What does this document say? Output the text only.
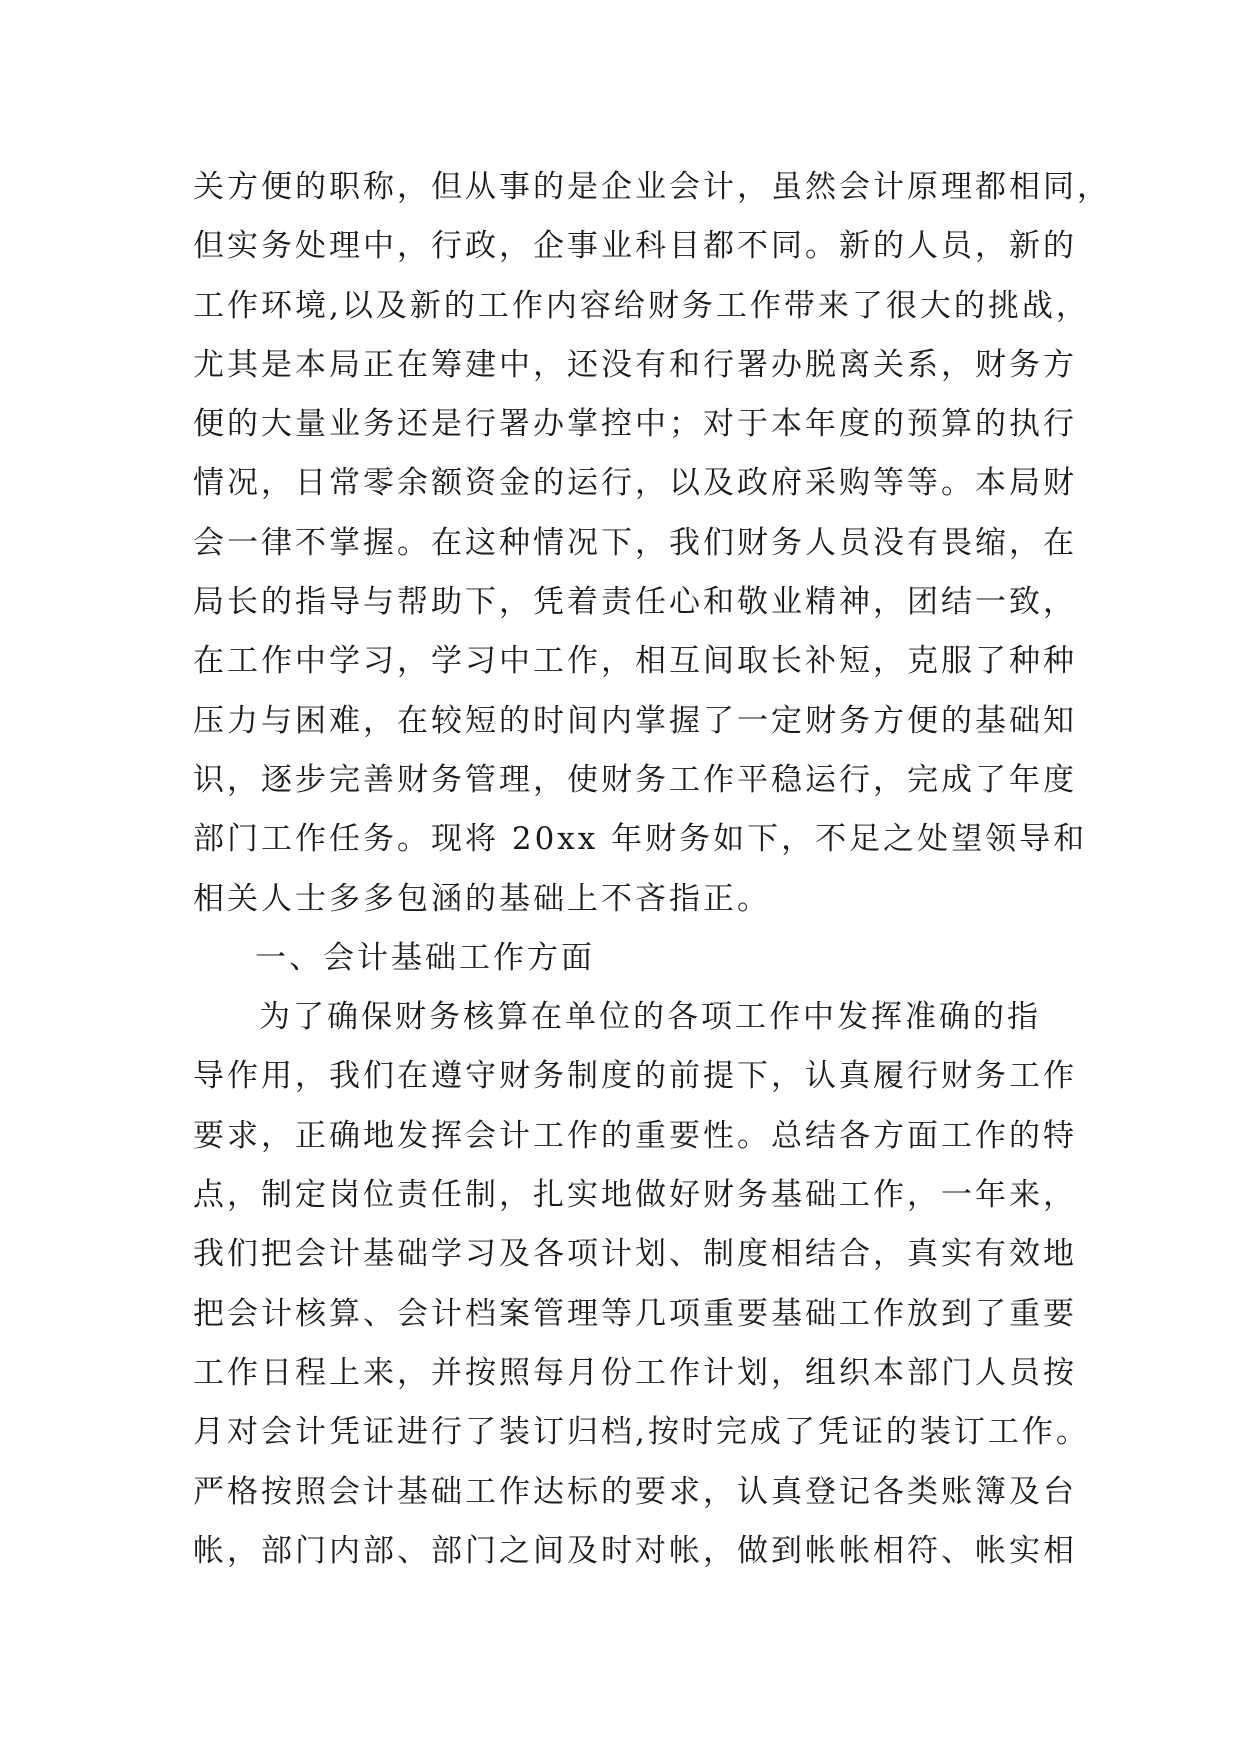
关方便的职称，但从事的是企业会计，虽然会计原理都相同，
但实务处理中，行政，企事业科目都不同。新的人员，新的
工作环境,以及新的工作内容给财务工作带来了很大的挑战，
尤其是本局正在筹建中，还没有和行署办脱离关系，财务方
便的大量业务还是行署办掌控中；对于本年度的预算的执行
情况，日常零余额资金的运行，以及政府采购等等。本局财
会一律不掌握。在这种情况下，我们财务人员没有畏缩，在
局长的指导与帮助下，凭着责任心和敬业精神，团结一致，
在工作中学习，学习中工作，相互间取长补短，克服了种种
压力与困难，在较短的时间内掌握了一定财务方便的基础知
识，逐步完善财务管理，使财务工作平稳运行，完成了年度
部门工作任务。现将 20xx 年财务如下，不足之处望领导和
相关人士多多包涵的基础上不吝指正。
一、会计基础工作方面
为了确保财务核算在单位的各项工作中发挥准确的指
导作用，我们在遵守财务制度的前提下，认真履行财务工作
要求，正确地发挥会计工作的重要性。总结各方面工作的特
点，制定岗位责任制，扎实地做好财务基础工作，一年来，
我们把会计基础学习及各项计划、制度相结合，真实有效地
把会计核算、会计档案管理等几项重要基础工作放到了重要
工作日程上来，并按照每月份工作计划，组织本部门人员按
月对会计凭证进行了装订归档,按时完成了凭证的装订工作。
严格按照会计基础工作达标的要求，认真登记各类账簿及台
帐，部门内部、部门之间及时对帐，做到帐帐相符、帐实相
